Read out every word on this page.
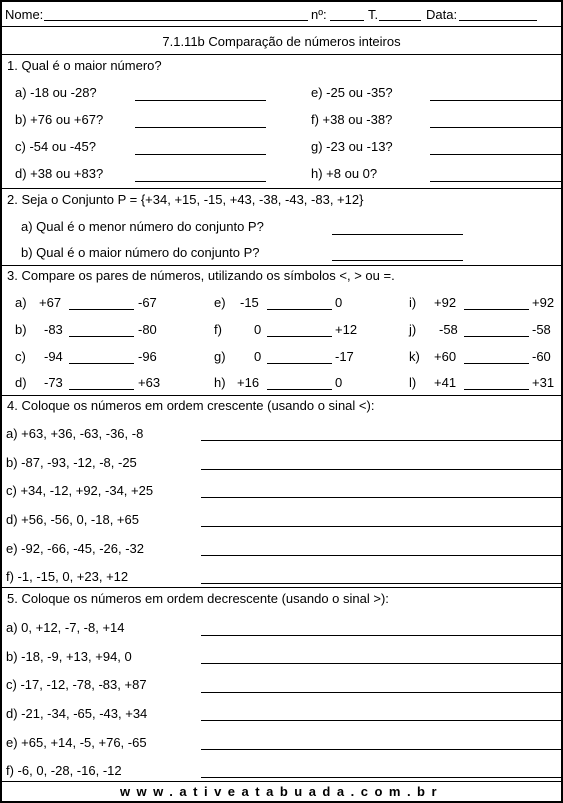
Nome:	nº:	T.	Data:
7.1.11b Comparação de números inteiros
1. Qual é o maior número?
a) -18 ou -28?	e) -25 ou -35?
b) +76 ou +67?	f) +38 ou -38?
c) -54 ou -45?	g) -23 ou -13?
d) +38 ou +83?	h) +8 ou 0?
2. Seja o Conjunto P = {+34, +15, -15, +43, -38, -43, -83, +12}
a) Qual é o menor número do conjunto P?
b) Qual é o maior número do conjunto P?
3. Compare os pares de números, utilizando os símbolos <, > ou =.
a) +67	-67	e) -15	0	i) +92	+92
b) -83	-80	f) 0	+12	j) -58	-58
c) -94	-96	g) 0	-17	k) +60	-60
d) -73	+63	h) +16	0	l) +41	+31
4. Coloque os números em ordem crescente (usando o sinal <):
a) +63, +36, -63, -36, -8
b) -87, -93, -12, -8, -25
c) +34, -12, +92, -34, +25
d) +56, -56, 0, -18, +65
e) -92, -66, -45, -26, -32
f) -1, -15, 0, +23, +12
5. Coloque os números em ordem decrescente (usando o sinal >):
a) 0, +12, -7, -8, +14
b) -18, -9, +13, +94, 0
c) -17, -12, -78, -83, +87
d) -21, -34, -65, -43, +34
e) +65, +14, -5, +76, -65
f) -6, 0, -28, -16, -12
www.ativeatabuada.com.br
